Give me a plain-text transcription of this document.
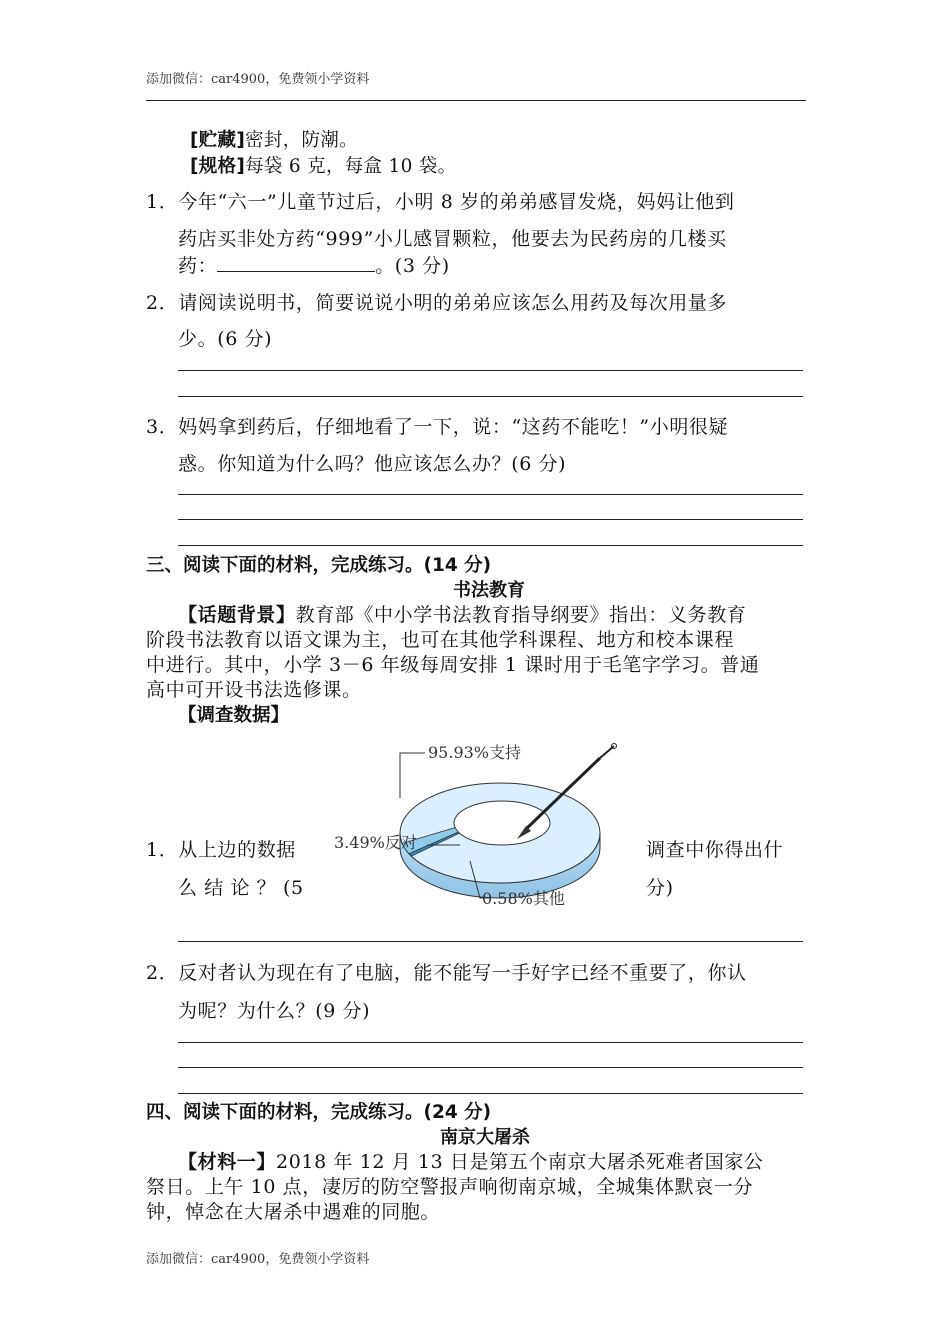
添加微信：car4900，免费领小学资料
[贮藏]密封，防潮。
[规格]每袋 6 克，每盒 10 袋。
1．今年“六一”儿童节过后，小明 8 岁的弟弟感冒发烧，妈妈让他到
药店买非处方药“999”小儿感冒颗粒，他要去为民药房的几楼买
药：	。(3 分)
2．请阅读说明书，简要说说小明的弟弟应该怎么用药及每次用量多
少。(6 分)
3．妈妈拿到药后，仔细地看了一下，说：“这药不能吃！”小明很疑
惑。你知道为什么吗？他应该怎么办？(6 分)
三、阅读下面的材料，完成练习。(14 分)
书法教育
【话题背景】教育部《中小学书法教育指导纲要》指出：义务教育
阶段书法教育以语文课为主，也可在其他学科课程、地方和校本课程
中进行。其中，小学 3－6 年级每周安排 1 课时用于毛笔字学习。普通
高中可开设书法选修课。
【调查数据】
95.93%支持
3.49%反对
0.58%其他
1．从上边的数据
么 结 论 ？ (5
调查中你得出什
分)
2．反对者认为现在有了电脑，能不能写一手好字已经不重要了，你认
为呢？为什么？(9 分)
四、阅读下面的材料，完成练习。(24 分)
南京大屠杀
【材料一】2018 年 12 月 13 日是第五个南京大屠杀死难者国家公
祭日。上午 10 点，凄厉的防空警报声响彻南京城，全城集体默哀一分
钟，悼念在大屠杀中遇难的同胞。
添加微信：car4900，免费领小学资料
